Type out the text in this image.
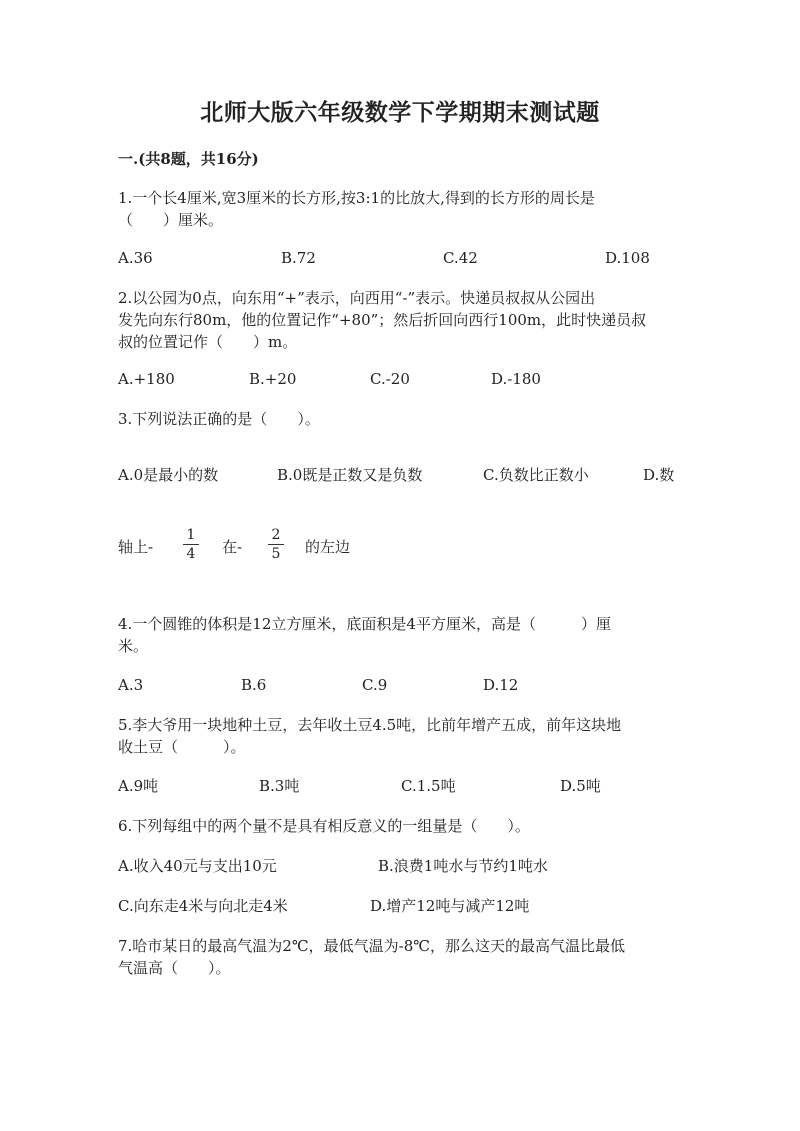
北师大版六年级数学下学期期末测试题
一.(共8题，共16分)
1.一个长4厘米,宽3厘米的长方形,按3:1的比放大,得到的长方形的周长是
（　　）厘米。
A.36	B.72	C.42	D.108
2.以公园为0点，向东用“+”表示，向西用“-”表示。快递员叔叔从公园出
发先向东行80m，他的位置记作“+80”；然后折回向西行100m，此时快递员叔
叔的位置记作（　　）m。
A.+180	B.+20	C.-20	D.-180
3.下列说法正确的是（　　）。
A.0是最小的数	B.0既是正数又是负数	C.负数比正数小	D.数
轴上-
1
4 在-
2
5 的左边
4.一个圆锥的体积是12立方厘米，底面积是4平方厘米，高是（　　　）厘
米。
A.3	B.6	C.9	D.12
5.李大爷用一块地种土豆，去年收土豆4.5吨，比前年增产五成，前年这块地
收土豆（　　　）。
A.9吨	B.3吨	C.1.5吨	D.5吨
6.下列每组中的两个量不是具有相反意义的一组量是（　　）。
A.收入40元与支出10元	B.浪费1吨水与节约1吨水
C.向东走4米与向北走4米	D.增产12吨与减产12吨
7.哈市某日的最高气温为2℃，最低气温为-8℃，那么这天的最高气温比最低
气温高（　　）。
